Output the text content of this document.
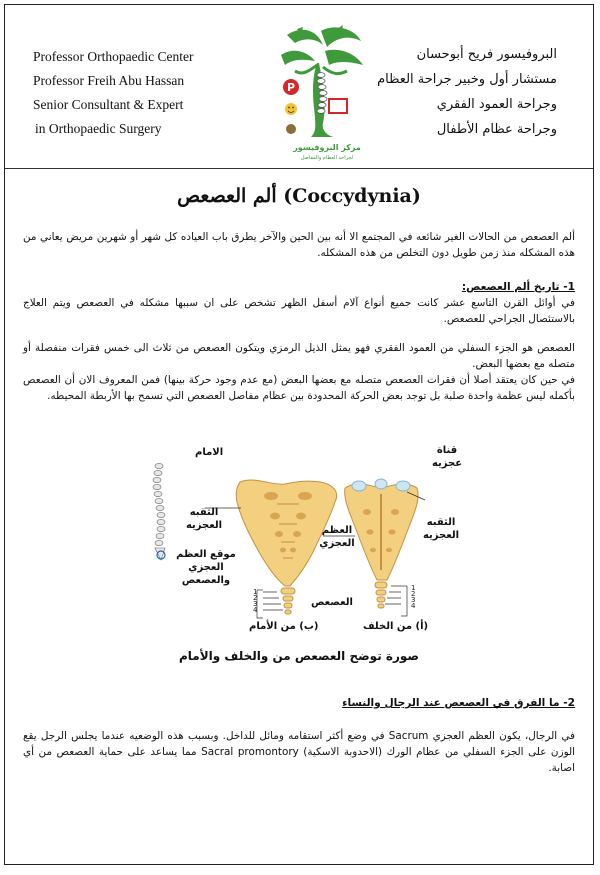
Professor Orthopaedic Center
Professor Freih Abu Hassan
Senior Consultant & Expert
in Orthopaedic Surgery
P
مركز البروفيسور
لجراحة العظام والمفاصل
البروفيسور فريح أبوحسان
مستشار أول وخبير جراحة العظام
وجراحة العمود الفقري
وجراحة عظام الأطفال
ألم العصعص (Coccydynia)
ألم العصعص من الحالات الغير شائعه في المجتمع الا أنه بين الحين والآخر يطرق باب العياده كل شهر أو شهرين مريض يعاني من هذه المشكله منذ زمن طويل دون التخلص من هذه المشكله.
1- تاريخ ألم العصعص:
في أوائل القرن التاسع عشر كانت جميع أنواع آلام أسفل الظهر تشخص على ان سببها مشكله في العصعص ويتم العلاج بالاستئصال الجراحي للعصعص.
العصعص هو الجزء السفلي من العمود الفقري فهو يمثل الذيل الرمزي ويتكون العصعص من ثلاث الى خمس فقرات منفصلة أو متصله مع بعضها البعض.
في حين كان يعتقد أصلا أن فقرات العصعص متصله مع بعضها البعض (مع عدم وجود حركة بينها) فمن المعروف الان أن العصعص بأكمله ليس عظمة واحدة صلبة بل توجد بعض الحركة المحدودة بين عظام مفاصل العصعص التي تسمح بها الأربطة المحيطه.
1
2
3
4
1
2
3
4
الامام
الثقبه العجزيه
موقع العظم العجزي والعصعص
العظم العجزي
العصعص
قناة عجزيه
الثقبه العجزيه
(ب) من الأمام	(أ) من الخلف
صورة توضح العصعص من والخلف والأمام
2- ما الفرق في العصعص عند الرجال والنساء
في الرجال، يكون العظم العجزي Sacrum في وضع أكثر استقامه ومائل للداخل. وبسبب هذه الوضعيه عندما يجلس الرجل يقع الوزن على الجزء السفلي من عظام الورك (الاحدوبة الاسكية) Sacral promontory مما يساعد على حماية العصعص من أي اصابة.
